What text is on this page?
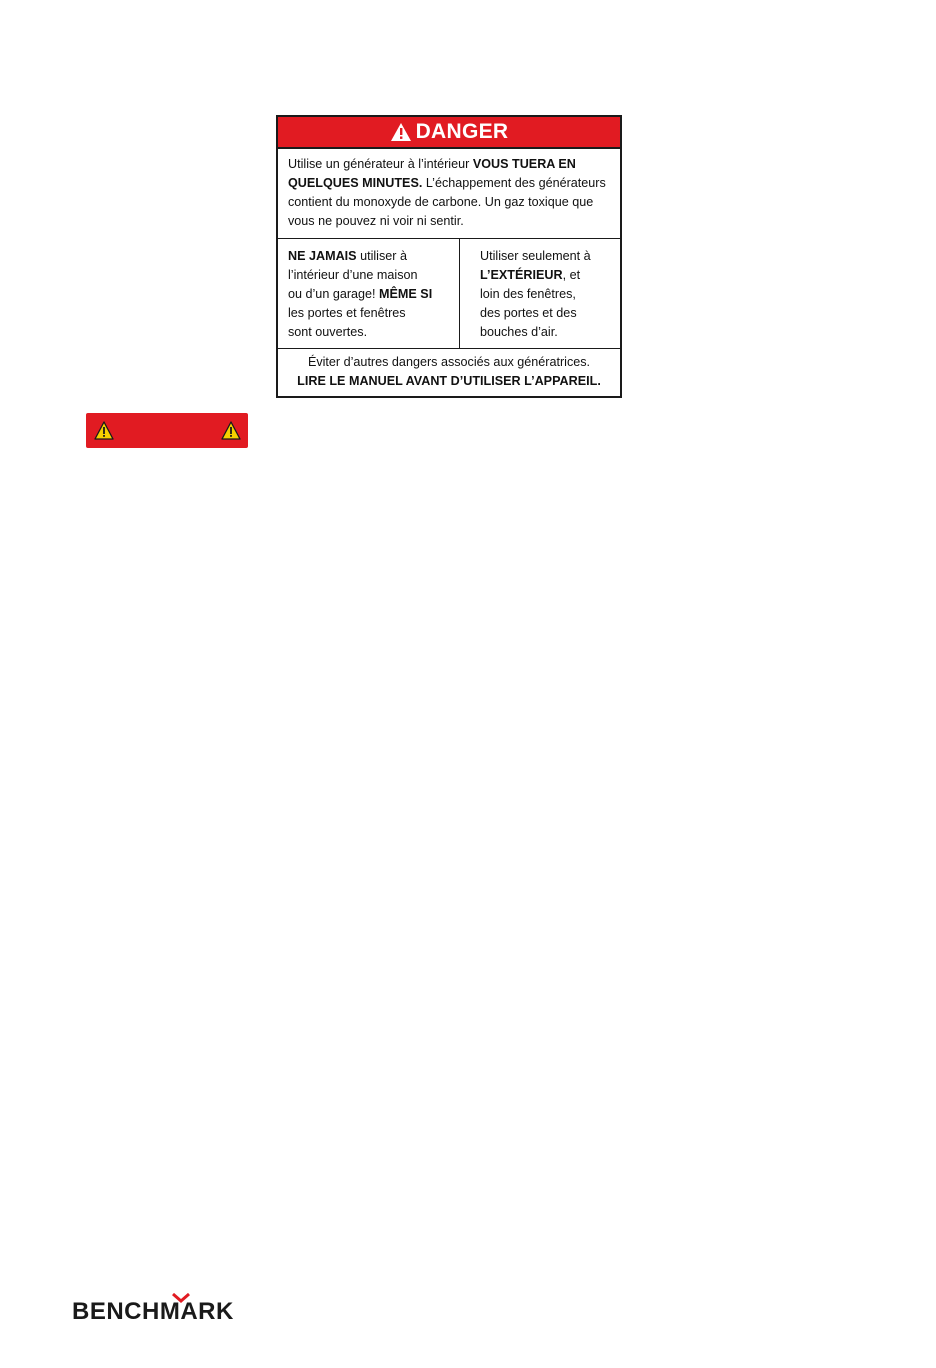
DANGER
Utilise un générateur à l’intérieur VOUS TUERA EN
QUELQUES MINUTES. L’échappement des générateurs
contient du monoxyde de carbone. Un gaz toxique que
vous ne pouvez ni voir ni sentir.
NE JAMAIS utiliser à
l’intérieur d’une maison
ou d’un garage! MÊME SI
les portes et fenêtres
sont ouvertes.
Utiliser seulement à
L’EXTÉRIEUR, et
loin des fenêtres,
des portes et des
bouches d’air.
Éviter d’autres dangers associés aux génératrices.
LIRE LE MANUEL AVANT D’UTILISER L’APPAREIL.
BENCHMARK
